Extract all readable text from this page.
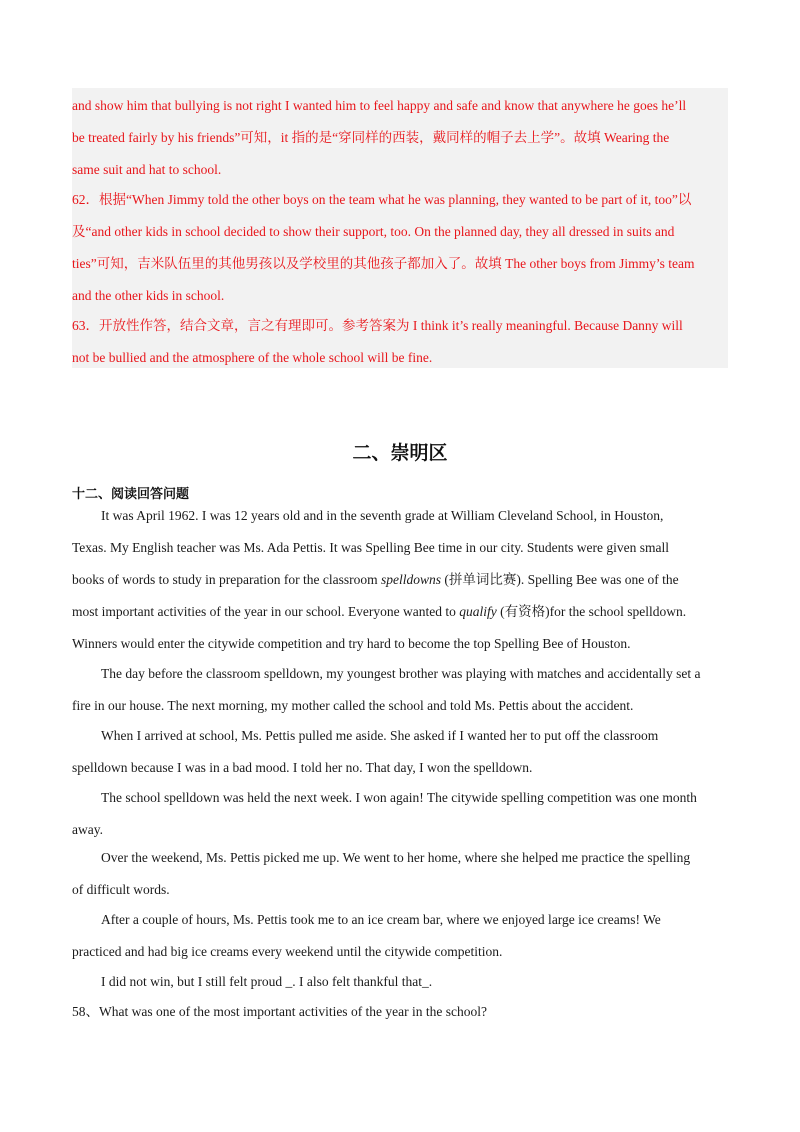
and show him that bullying is not right I wanted him to feel happy and safe and know that anywhere he goes he’ll

be treated fairly by his friends”可知，it 指的是“穿同样的西装，戴同样的帽子去上学”。故填 Wearing the

same suit and hat to school.

62．根据“When Jimmy told the other boys on the team what he was planning, they wanted to be part of it, too”以

及“and other kids in school decided to show their support, too. On the planned day, they all dressed in suits and

ties”可知，吉米队伍里的其他男孩以及学校里的其他孩子都加入了。故填 The other boys from Jimmy’s team

and the other kids in school.

63．开放性作答，结合文章，言之有理即可。参考答案为 I think it’s really meaningful. Because Danny will

not be bullied and the atmosphere of the whole school will be fine.

二、崇明区
十二、阅读回答问题

It was April 1962. I was 12 years old and in the seventh grade at William Cleveland School, in Houston,

Texas. My English teacher was Ms. Ada Pettis. It was Spelling Bee time in our city. Students were given small

books of words to study in preparation for the classroom spelldowns (拼单词比赛). Spelling Bee was one of the

most important activities of the year in our school. Everyone wanted to qualify (有资格)for the school spelldown.

Winners would enter the citywide competition and try hard to become the top Spelling Bee of Houston.

The day before the classroom spelldown, my youngest brother was playing with matches and accidentally set a

fire in our house. The next morning, my mother called the school and told Ms. Pettis about the accident.

When I arrived at school, Ms. Pettis pulled me aside. She asked if I wanted her to put off the classroom

spelldown because I was in a bad mood. I told her no. That day, I won the spelldown.

The school spelldown was held the next week. I won again! The citywide spelling competition was one month

away.

Over the weekend, Ms. Pettis picked me up. We went to her home, where she helped me practice the spelling

of difficult words.

After a couple of hours, Ms. Pettis took me to an ice cream bar, where we enjoyed large ice creams! We

practiced and had big ice creams every weekend until the citywide competition.

I did not win, but I still felt proud _. I also felt thankful that_.

58、What was one of the most important activities of the year in the school?
